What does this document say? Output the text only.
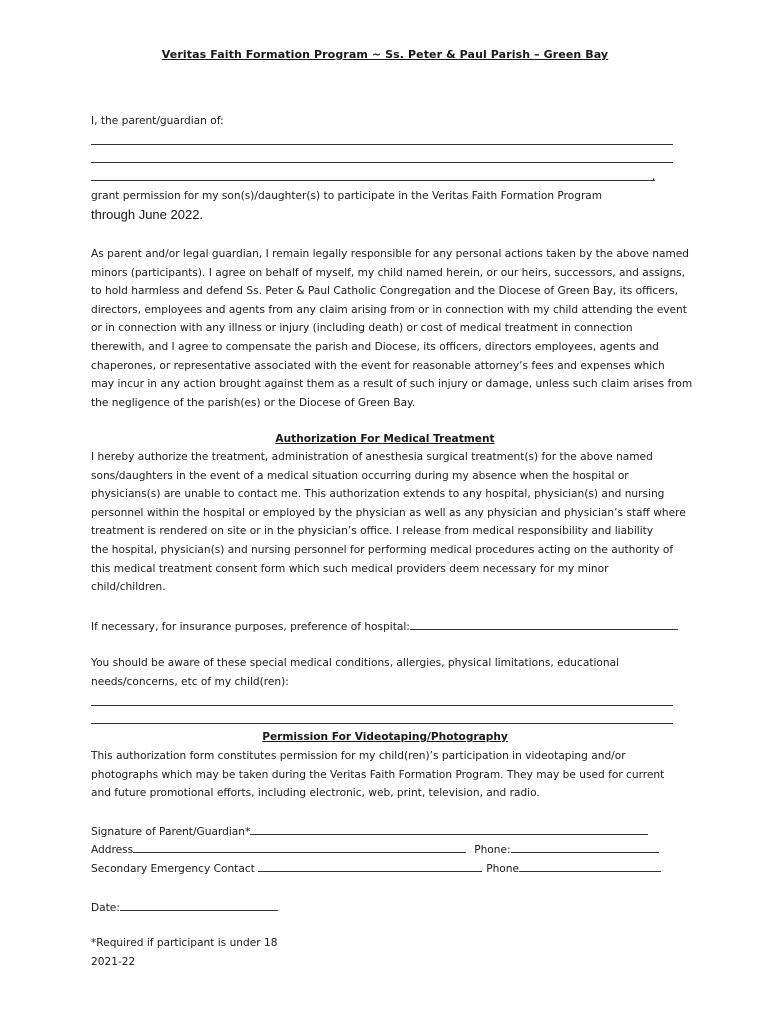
Veritas Faith Formation Program ~ Ss. Peter & Paul Parish – Green Bay
I, the parent/guardian of:
,
grant permission for my son(s)/daughter(s) to participate in the Veritas Faith Formation Program
through June 2022.

As parent and/or legal guardian, I remain legally responsible for any personal actions taken by the above named

minors (participants). I agree on behalf of myself, my child named herein, or our heirs, successors, and assigns,

to hold harmless and defend Ss. Peter & Paul Catholic Congregation and the Diocese of Green Bay, its officers,

directors, employees and agents from any claim arising from or in connection with my child attending the event

or in connection with any illness or injury (including death) or cost of medical treatment in connection

therewith, and I agree to compensate the parish and Diocese, its officers, directors employees, agents and

chaperones, or representative associated with the event for reasonable attorney’s fees and expenses which

may incur in any action brought against them as a result of such injury or damage, unless such claim arises from

the negligence of the parish(es) or the Diocese of Green Bay.

Authorization For Medical Treatment

I hereby authorize the treatment, administration of anesthesia surgical treatment(s) for the above named

sons/daughters in the event of a medical situation occurring during my absence when the hospital or

physicians(s) are unable to contact me. This authorization extends to any hospital, physician(s) and nursing

personnel within the hospital or employed by the physician as well as any physician and physician’s staff where

treatment is rendered on site or in the physician’s office. I release from medical responsibility and liability

the hospital, physician(s) and nursing personnel for performing medical procedures acting on the authority of

this medical treatment consent form which such medical providers deem necessary for my minor

child/children.

If necessary, for insurance purposes, preference of hospital:

You should be aware of these special medical conditions, allergies, physical limitations, educational

needs/concerns, etc of my child(ren):

Permission For Videotaping/Photography

This authorization form constitutes permission for my child(ren)’s participation in videotaping and/or

photographs which may be taken during the Veritas Faith Formation Program. They may be used for current

and future promotional efforts, including electronic, web, print, television, and radio.

Signature of Parent/Guardian*
Address	Phone:
Secondary Emergency Contact	Phone
Date:
*Required if participant is under 18
2021-22
